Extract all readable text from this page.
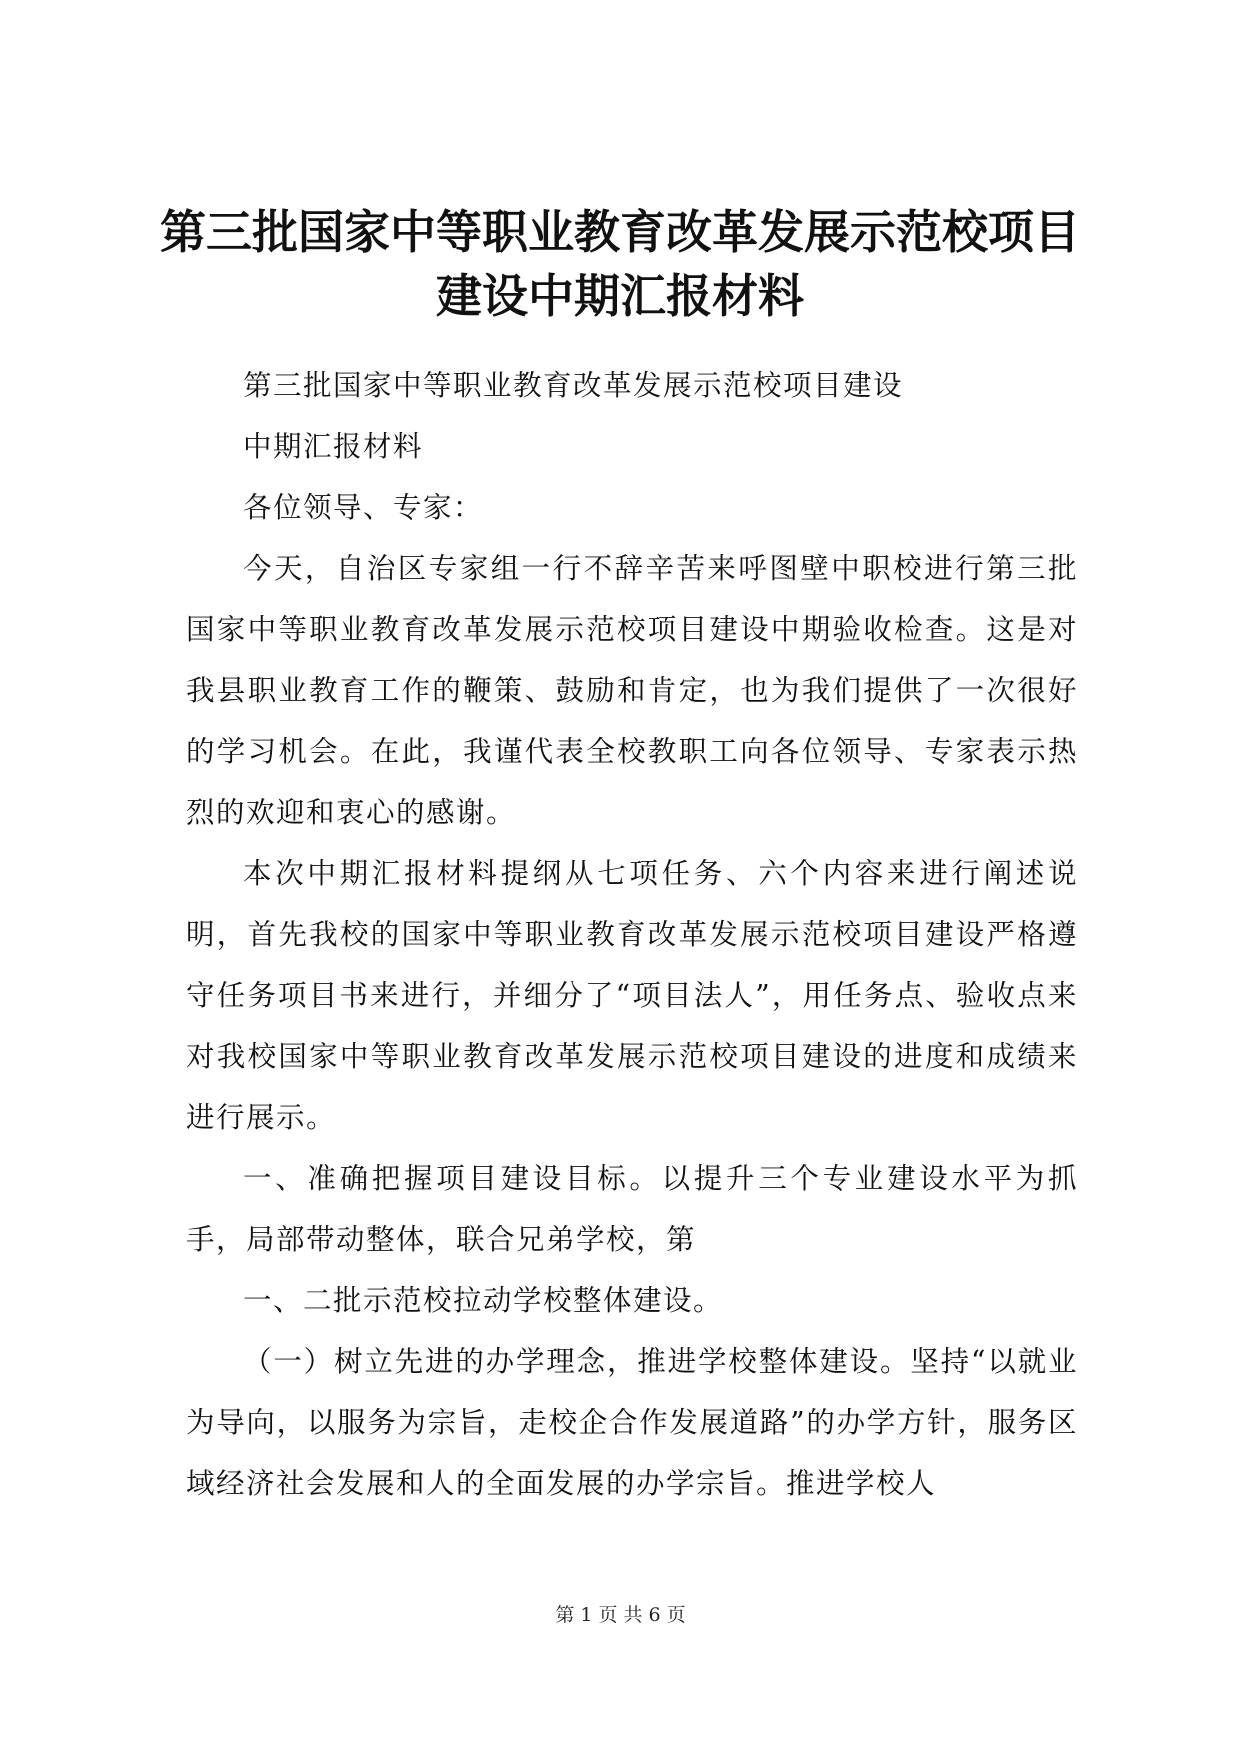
第三批国家中等职业教育改革发展示范校项目
建设中期汇报材料

第三批国家中等职业教育改革发展示范校项目建设

中期汇报材料

各位领导、专家：

今天，自治区专家组一行不辞辛苦来呼图壁中职校进行第三批国家中等职业教育改革发展示范校项目建设中期验收检查。这是对我县职业教育工作的鞭策、鼓励和肯定，也为我们提供了一次很好的学习机会。在此，我谨代表全校教职工向各位领导、专家表示热烈的欢迎和衷心的感谢。

本次中期汇报材料提纲从七项任务、六个内容来进行阐述说明，首先我校的国家中等职业教育改革发展示范校项目建设严格遵守任务项目书来进行，并细分了“项目法人”，用任务点、验收点来对我校国家中等职业教育改革发展示范校项目建设的进度和成绩来进行展示。

一、准确把握项目建设目标。以提升三个专业建设水平为抓手，局部带动整体，联合兄弟学校，第

一、二批示范校拉动学校整体建设。

（一）树立先进的办学理念，推进学校整体建设。坚持“以就业为导向，以服务为宗旨，走校企合作发展道路”的办学方针，服务区域经济社会发展和人的全面发展的办学宗旨。推进学校人

第 1 页 共 6 页
